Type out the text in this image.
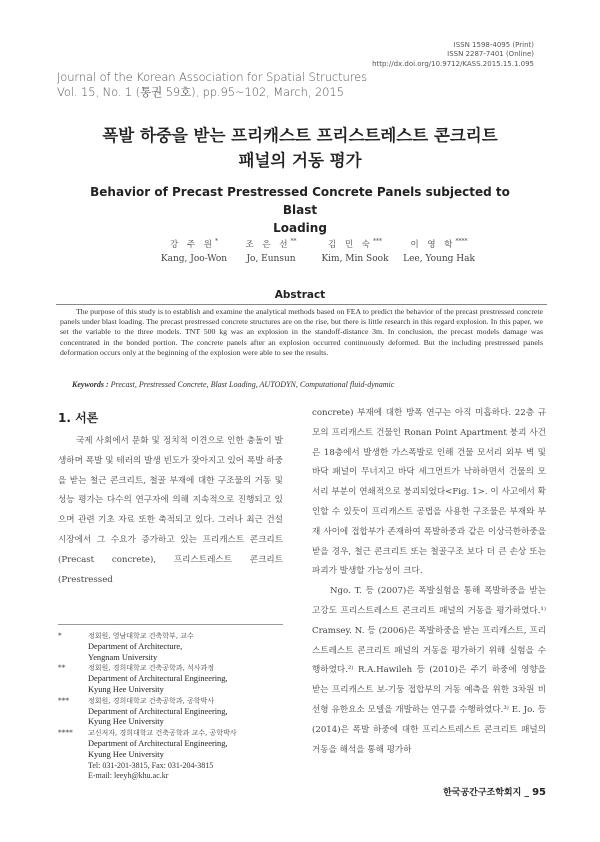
ISSN 1598-4095 (Print)
ISSN 2287-7401 (Online)
http://dx.doi.org/10.9712/KASS.2015.15.1.095
Journal of the Korean Association for Spatial Structures
Vol. 15, No. 1 (통권 59호), pp.95~102, March, 2015
폭발 하중을 받는 프리캐스트 프리스트레스트 콘크리트
패널의 거동 평가
Behavior of Precast Prestressed Concrete Panels subjected to Blast
Loading
강 주 원*
Kang, Joo-Won
조 은 선**
Jo, Eunsun
김 민 숙***
Kim, Min Sook
이 영 학****
Lee, Young Hak
Abstract
The purpose of this study is to establish and examine the analytical methods based on FEA to predict the behavior of the precast prestressed concrete panels under blast loading. The precast prestressed concrete structures are on the rise, but there is little research in this regard explosion. In this paper, we set the variable to the three models. TNT 500 kg was an explosion in the standoff-distance 3m. In conclusion, the precast models damage was concentrated in the bonded portion. The concrete panels after an explosion occurred continuously deformed. But the including prestressed panels deformation occurs only at the beginning of the explosion were able to see the results.
Keywords : Precast, Prestressed Concrete, Blast Loading, AUTODYN, Computational fluid-dynamic
1. 서론

국제 사회에서 문화 및 정치적 이견으로 인한 충돌이 발생하며 폭발 및 테러의 발생 빈도가 잦아지고 있어 폭발 하중을 받는 철근 콘크리트, 철골 부재에 대한 구조물의 거동 및 성능 평가는 다수의 연구자에 의해 지속적으로 진행되고 있으며 관련 기초 자료 또한 축적되고 있다. 그러나 최근 건설 시장에서 그 수요가 증가하고 있는 프리캐스트 콘크리트(Precast concrete), 프리스트레스트 콘크리트(Prestressed

concrete) 부재에 대한 방폭 연구는 아직 미흡하다. 22층 규모의 프리캐스트 건물인 Ronan Point Apartment 붕괴 사건은 18층에서 발생한 가스폭발로 인해 건물 모서리 외부 벽 및 바닥 패널이 무너지고 바닥 세그먼트가 낙하하면서 건물의 모서리 부분이 연쇄적으로 붕괴되었다<Fig. 1>. 이 사고에서 확인할 수 있듯이 프리캐스트 공법을 사용한 구조물은 부재와 부재 사이에 접합부가 존재하여 폭발하중과 같은 이상극한하중을 받을 경우, 철근 콘크리트 또는 철골구조 보다 더 큰 손상 또는 파괴가 발생할 가능성이 크다.

Ngo. T. 등 (2007)은 폭발실험을 통해 폭발하중을 받는 고강도 프리스트레스트 콘크리트 패널의 거동을 평가하였다.¹⁾ Cramsey. N. 등 (2006)은 폭발하중을 받는 프리캐스트, 프리스트레스트 콘크리트 패널의 거동을 평가하기 위해 실험을 수행하였다.²⁾ R.A.Hawileh 등 (2010)은 주기 하중에 영향을 받는 프리캐스트 보-기둥 접합부의 거동 예측을 위한 3차원 비선형 유한요소 모델을 개발하는 연구를 수행하였다.³⁾ E. Jo. 등 (2014)은 폭발 하중에 대한 프리스트레스트 콘크리트 패널의 거동을 해석을 통해 평가하

*	정회원, 영남대학교 건축학부, 교수
Department of Architecture,
Yengnam University
**	정회원, 경희대학교 건축공학과, 석사과정
Department of Architectural Engineering,
Kyung Hee University
***	정회원, 경희대학교 건축공학과, 공학박사
Department of Architectural Engineering,
Kyung Hee University
****	교신저자, 경희대학교 건축공학과 교수, 공학박사
Department of Architectural Engineering,
Kyung Hee University
Tel: 031-201-3815, Fax: 031-204-3815
E-mail: leeyh@khu.ac.kr
한국공간구조학회지 _ 95
